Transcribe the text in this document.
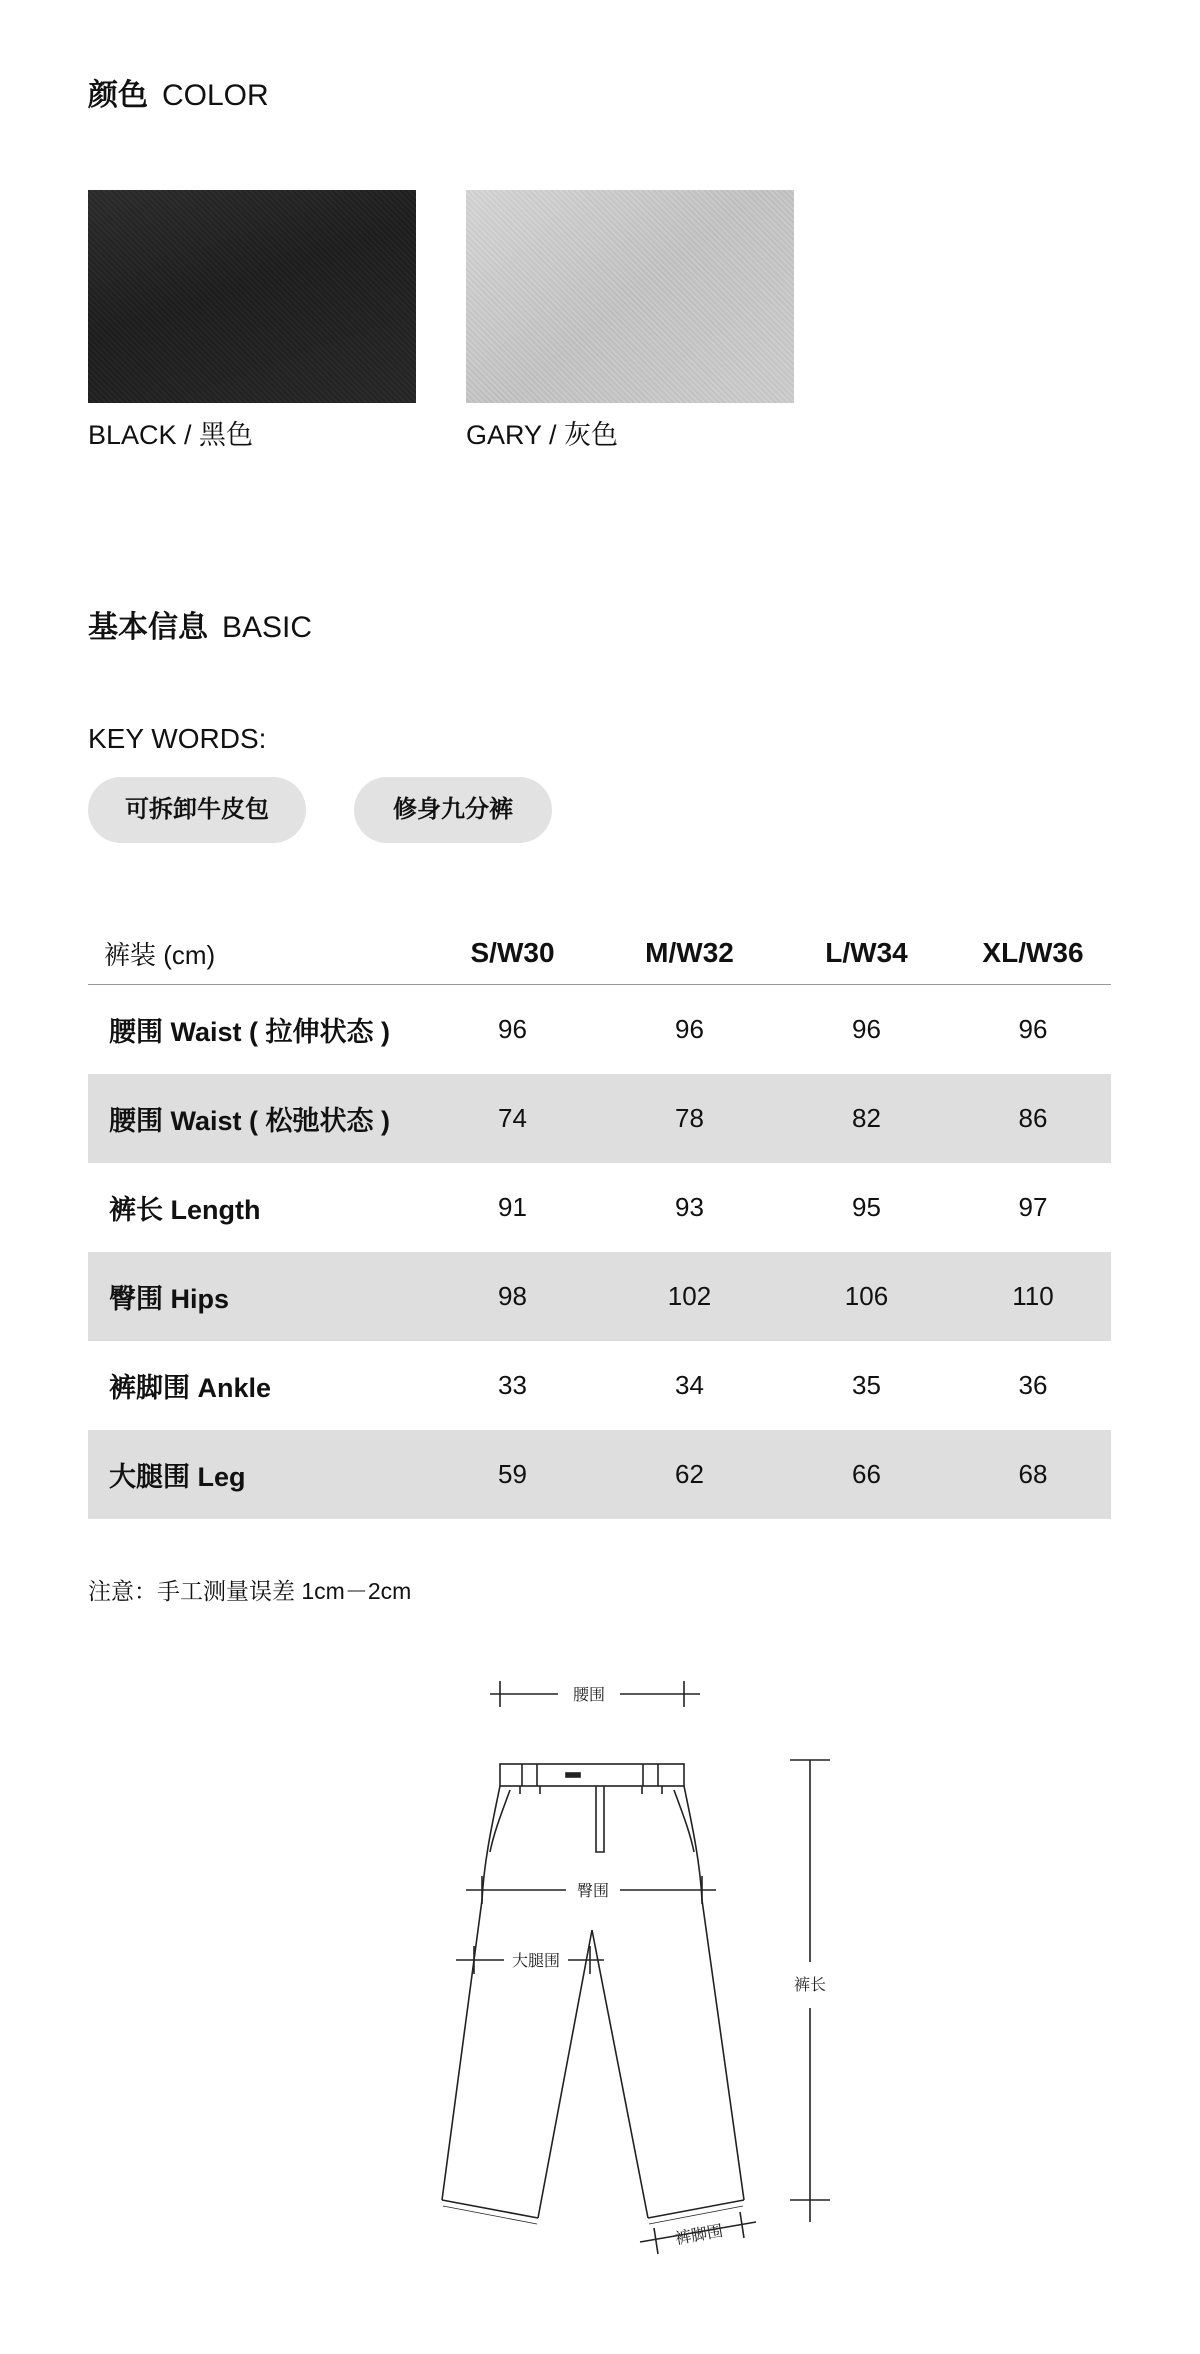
颜色 COLOR
BLACK / 黑色	GARY / 灰色
基本信息 BASIC
KEY WORDS:
可拆卸牛皮包	修身九分裤
裤装 (cm)	S/W30	M/W32	L/W34	XL/W36
腰围 Waist ( 拉伸状态 )	96	96	96	96
腰围 Waist ( 松弛状态 )	74	78	82	86
裤长 Length	91	93	95	97
臀围 Hips	98	102	106	110
裤脚围 Ankle	33	34	35	36
大腿围 Leg	59	62	66	68
注意：手工测量误差 1cm－2cm
腰围
臀围
大腿围
裤长
裤脚围
